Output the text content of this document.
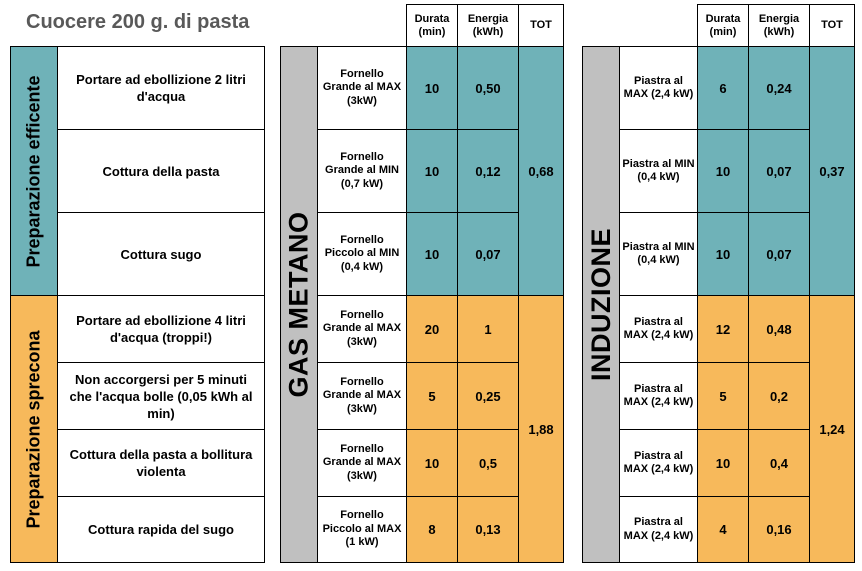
Cuocere 200 g. di pasta
Preparazione efficente
Preparazione sprecona
Portare ad ebollizione 2 litri d'acqua
Cottura della pasta
Cottura sugo
Portare ad ebollizione 4 litri d'acqua (troppi!)
Non accorgersi per 5 minuti che l'acqua bolle (0,05 kWh al min)
Cottura della pasta a bollitura violenta
Cottura rapida del sugo
Durata
(min)
Energia
(kWh)
TOT
GAS METANO
Fornello Grande al MAX (3kW)
Fornello Grande al MIN (0,7 kW)
Fornello Piccolo al MIN (0,4 kW)
Fornello Grande al MAX (3kW)
Fornello Grande al MAX (3kW)
Fornello Grande al MAX (3kW)
Fornello Piccolo al MAX (1 kW)
10
10
10
20
5
10
8
0,50
0,12
0,07
1
0,25
0,5
0,13
0,68
1,88
Durata
(min)
Energia
(kWh)
TOT
INDUZIONE
Piastra al MAX (2,4 kW)
Piastra al MIN (0,4 kW)
Piastra al MIN (0,4 kW)
Piastra al MAX (2,4 kW)
Piastra al MAX (2,4 kW)
Piastra al MAX (2,4 kW)
Piastra al MAX (2,4 kW)
6
10
10
12
5
10
4
0,24
0,07
0,07
0,48
0,2
0,4
0,16
0,37
1,24
